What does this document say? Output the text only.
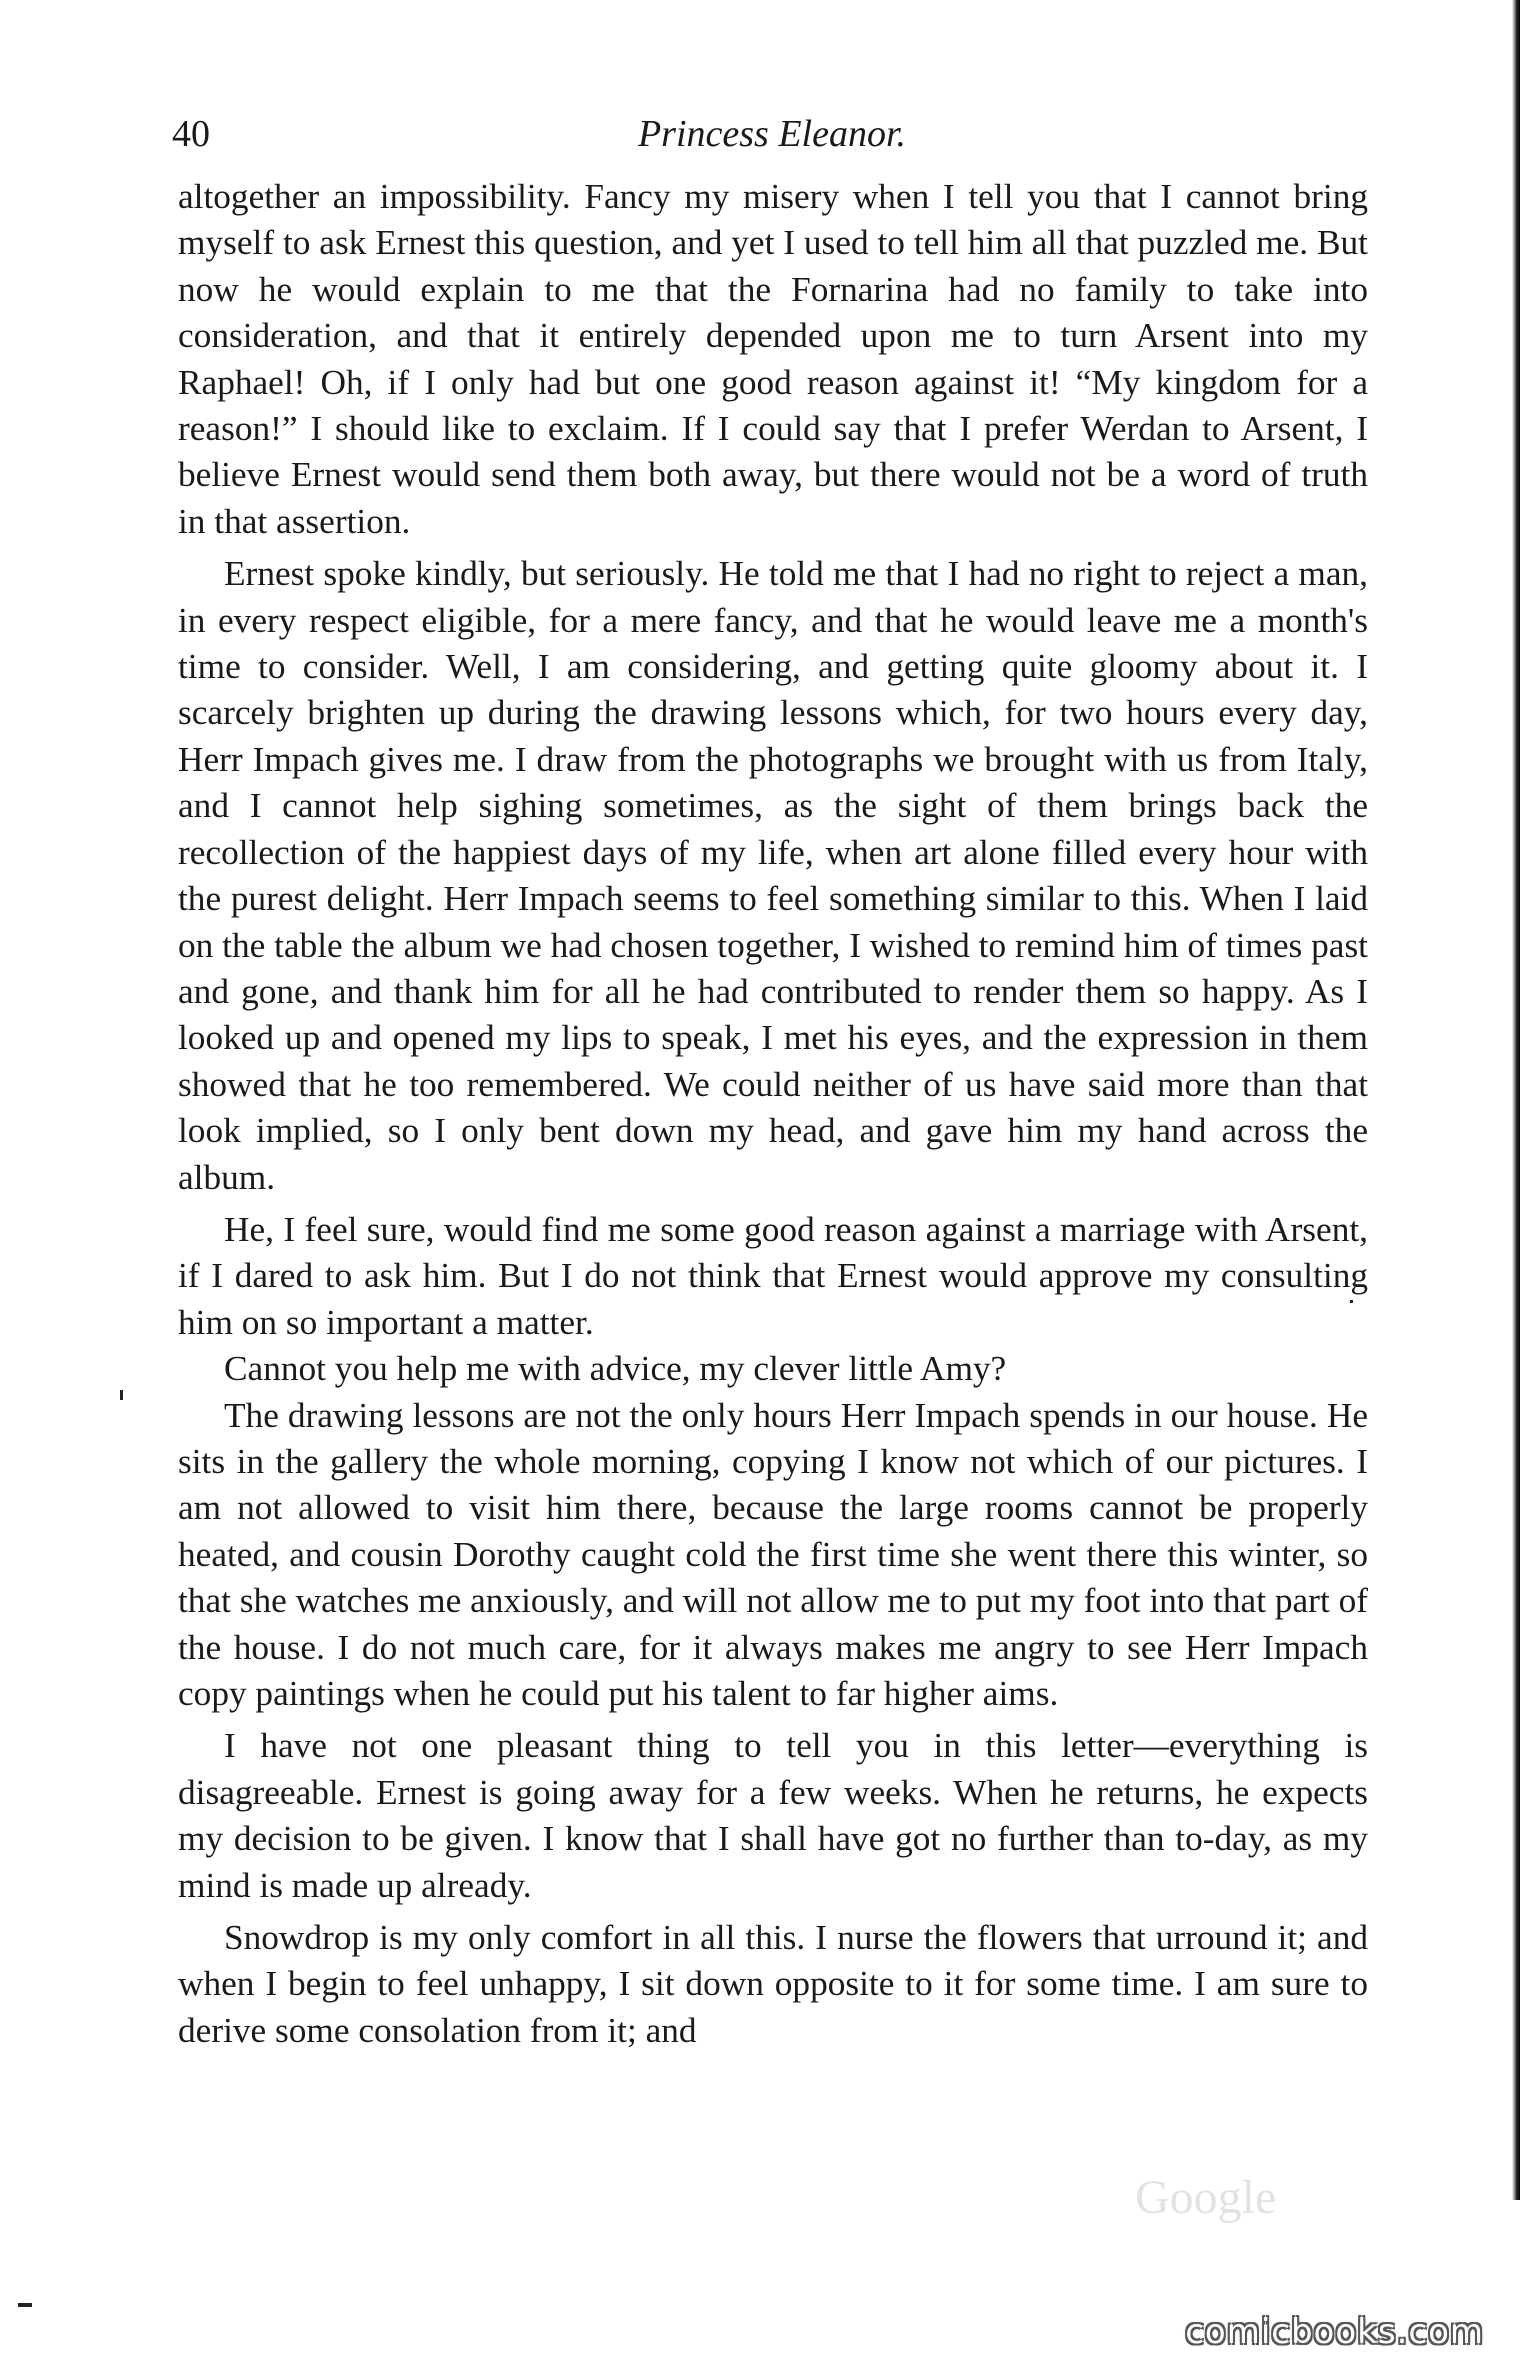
40	Princess Eleanor.

altogether an impossibility. Fancy my misery when I tell you that I cannot bring myself to ask Ernest this question, and yet I used to tell him all that puzzled me. But now he would explain to me that the Fornarina had no family to take into consideration, and that it entirely depended upon me to turn Arsent into my Raphael! Oh, if I only had but one good reason against it! “My kingdom for a reason!” I should like to exclaim. If I could say that I prefer Werdan to Arsent, I believe Ernest would send them both away, but there would not be a word of truth in that assertion.

Ernest spoke kindly, but seriously. He told me that I had no right to reject a man, in every respect eligible, for a mere fancy, and that he would leave me a month's time to consider. Well, I am considering, and getting quite gloomy about it. I scarcely brighten up during the drawing lessons which, for two hours every day, Herr Impach gives me. I draw from the photographs we brought with us from Italy, and I cannot help sighing sometimes, as the sight of them brings back the recollection of the happiest days of my life, when art alone filled every hour with the purest delight. Herr Impach seems to feel something similar to this. When I laid on the table the album we had chosen together, I wished to remind him of times past and gone, and thank him for all he had contributed to render them so happy. As I looked up and opened my lips to speak, I met his eyes, and the expression in them showed that he too remembered. We could neither of us have said more than that look implied, so I only bent down my head, and gave him my hand across the album.

He, I feel sure, would find me some good reason against a marriage with Arsent, if I dared to ask him. But I do not think that Ernest would approve my consulting him on so important a matter.

Cannot you help me with advice, my clever little Amy?

The drawing lessons are not the only hours Herr Impach spends in our house. He sits in the gallery the whole morning, copying I know not which of our pictures. I am not allowed to visit him there, because the large rooms cannot be properly heated, and cousin Dorothy caught cold the first time she went there this winter, so that she watches me anxiously, and will not allow me to put my foot into that part of the house. I do not much care, for it always makes me angry to see Herr Impach copy paintings when he could put his talent to far higher aims.

I have not one pleasant thing to tell you in this letter—everything is disagreeable. Ernest is going away for a few weeks. When he returns, he expects my decision to be given. I know that I shall have got no further than to-day, as my mind is made up already.

Snowdrop is my only comfort in all this. I nurse the flowers that urround it; and when I begin to feel unhappy, I sit down opposite to it for some time. I am sure to derive some consolation from it; and

Google
comicbooks.com
